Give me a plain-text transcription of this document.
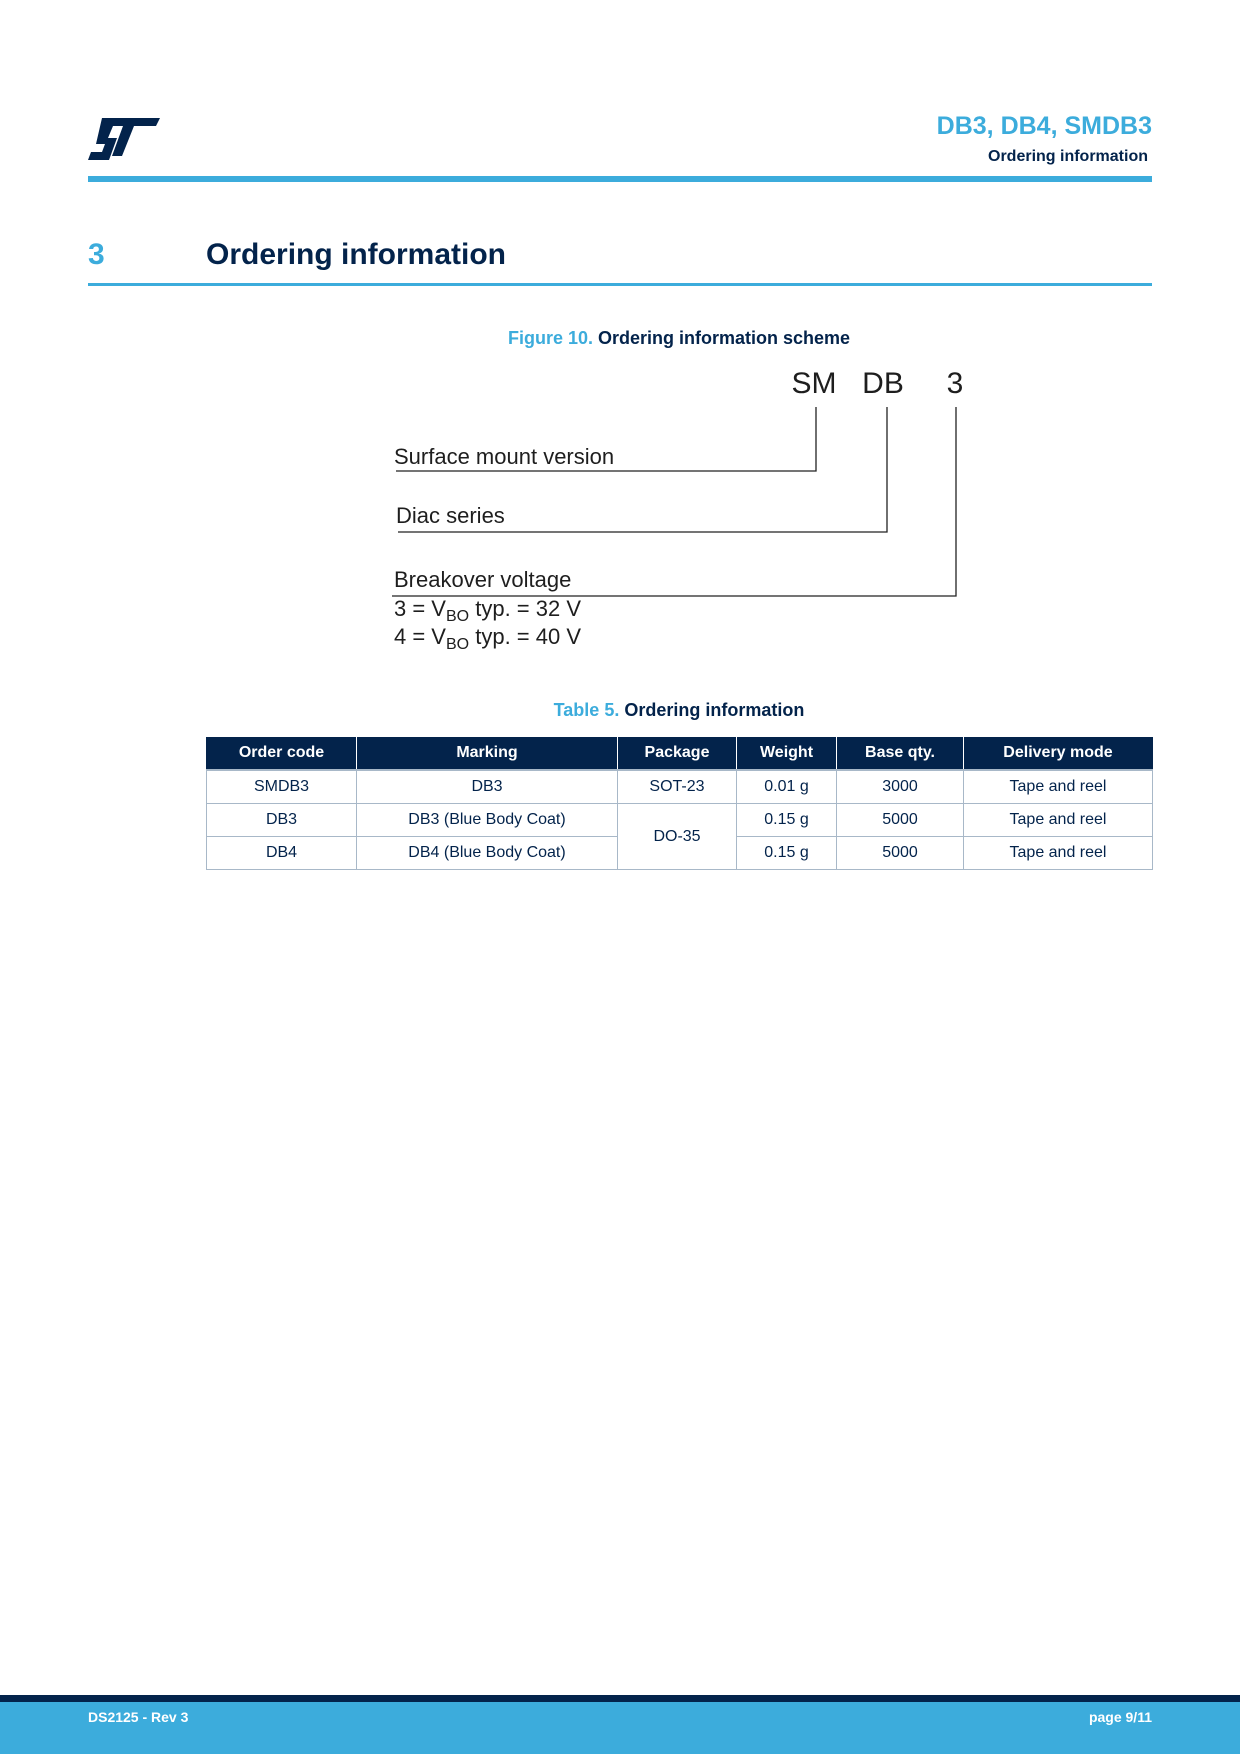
DB3, DB4, SMDB3
Ordering information
3	Ordering information
Figure 10. Ordering information scheme
SM DB 3
Surface mount version
Diac series
Breakover voltage
$3 = V_{BO}$ typ. = 32 V
$4 = V_{BO}$ typ. = 40 V
Table 5. Ordering information
Order code	Marking	Package	Weight	Base qty.	Delivery mode
SMDB3	DB3	SOT-23	0.01 g	3000	Tape and reel
DB3	DB3 (Blue Body Coat)	DO-35	0.15 g	5000	Tape and reel
DB4	DB4 (Blue Body Coat)		0.15 g	5000	Tape and reel
DS2125 - Rev 3	page 9/11
